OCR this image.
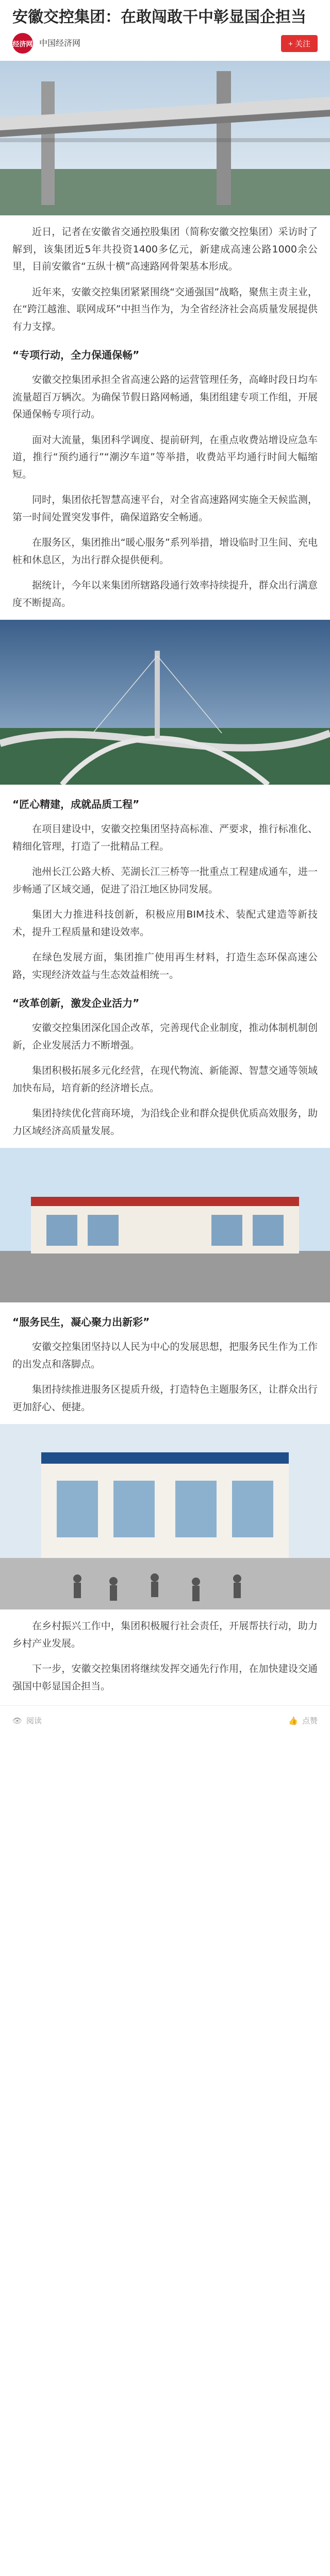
安徽交控集团：在敢闯敢干中彰显国企担当
经济网 中国经济网	+ 关注

近日，记者在安徽省交通控股集团（简称安徽交控集团）采访时了解到，该集团近5年共投资1400多亿元，新建成高速公路1000余公里，目前安徽省“五纵十横”高速路网骨架基本形成。

近年来，安徽交控集团紧紧围绕“交通强国”战略，聚焦主责主业，在“跨江越淮、联网成环”中担当作为，为全省经济社会高质量发展提供有力支撑。

“专项行动，全力保通保畅”

安徽交控集团承担全省高速公路的运营管理任务，高峰时段日均车流量超百万辆次。为确保节假日路网畅通，集团组建专项工作组，开展保通保畅专项行动。

面对大流量，集团科学调度、提前研判，在重点收费站增设应急车道，推行“预约通行”“潮汐车道”等举措，收费站平均通行时间大幅缩短。

同时，集团依托智慧高速平台，对全省高速路网实施全天候监测，第一时间处置突发事件，确保道路安全畅通。

在服务区，集团推出“暖心服务”系列举措，增设临时卫生间、充电桩和休息区，为出行群众提供便利。

据统计，今年以来集团所辖路段通行效率持续提升，群众出行满意度不断提高。

“匠心精建，成就品质工程”

在项目建设中，安徽交控集团坚持高标准、严要求，推行标准化、精细化管理，打造了一批精品工程。

池州长江公路大桥、芜湖长江三桥等一批重点工程建成通车，进一步畅通了区域交通，促进了沿江地区协同发展。

集团大力推进科技创新，积极应用BIM技术、装配式建造等新技术，提升工程质量和建设效率。

在绿色发展方面，集团推广使用再生材料，打造生态环保高速公路，实现经济效益与生态效益相统一。

“改革创新，激发企业活力”

安徽交控集团深化国企改革，完善现代企业制度，推动体制机制创新，企业发展活力不断增强。

集团积极拓展多元化经营，在现代物流、新能源、智慧交通等领域加快布局，培育新的经济增长点。

集团持续优化营商环境，为沿线企业和群众提供优质高效服务，助力区域经济高质量发展。

“服务民生，凝心聚力出新彩”

安徽交控集团坚持以人民为中心的发展思想，把服务民生作为工作的出发点和落脚点。

集团持续推进服务区提质升级，打造特色主题服务区，让群众出行更加舒心、便捷。

在乡村振兴工作中，集团积极履行社会责任，开展帮扶行动，助力乡村产业发展。

下一步，安徽交控集团将继续发挥交通先行作用，在加快建设交通强国中彰显国企担当。

👁 阅读	👍 点赞
